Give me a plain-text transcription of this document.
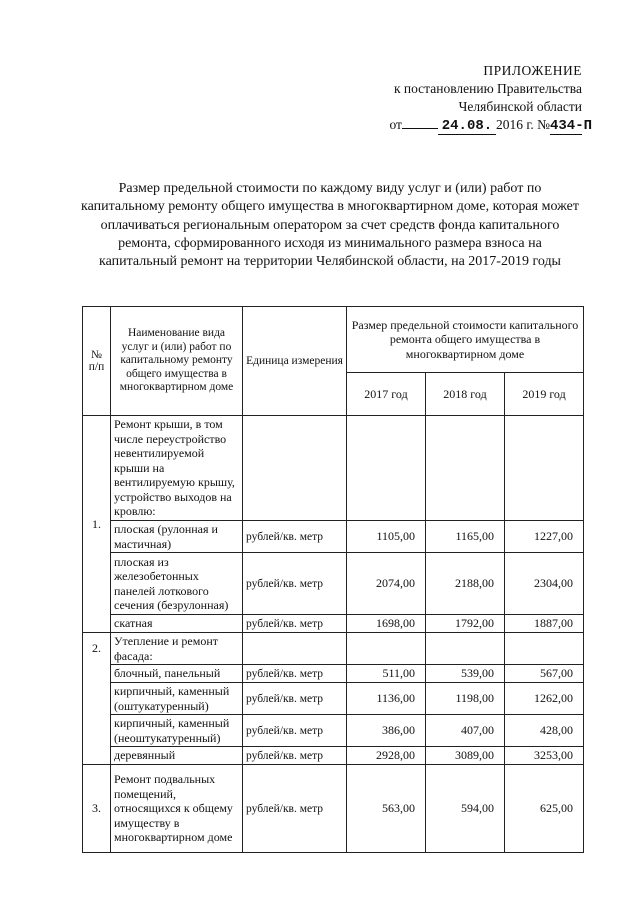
ПРИЛОЖЕНИЕ
к постановлению Правительства
Челябинской области
от	24.08. 2016 г. №434-П
Размер предельной стоимости по каждому виду услуг и (или) работ по капитальному ремонту общего имущества в многоквартирном доме, которая может оплачиваться региональным оператором за счет средств фонда капитального ремонта, сформированного исходя из минимального размера взноса на капитальный ремонт на территории Челябинской области, на 2017-2019 годы
№ п/п	Наименование вида услуг и (или) работ по капитальному ремонту общего имущества в многоквартирном доме	Единица измерения	Размер предельной стоимости капитального ремонта общего имущества в многоквартирном доме		
			2017 год	2018 год	2019 год
1.	Ремонт крыши, в том числе переустройство невентилируемой крыши на вентилируемую крышу, устройство выходов на кровлю:				
	плоская (рулонная и мастичная)	рублей/кв. метр	1105,00	1165,00	1227,00
	плоская из железобетонных панелей лоткового сечения (безрулонная)	рублей/кв. метр	2074,00	2188,00	2304,00
	скатная	рублей/кв. метр	1698,00	1792,00	1887,00
2.	Утепление и ремонт фасада:				
	блочный, панельный	рублей/кв. метр	511,00	539,00	567,00
	кирпичный, каменный (оштукатуренный)	рублей/кв. метр	1136,00	1198,00	1262,00
	кирпичный, каменный (неоштукатуренный)	рублей/кв. метр	386,00	407,00	428,00
	деревянный	рублей/кв. метр	2928,00	3089,00	3253,00
3.	Ремонт подвальных помещений, относящихся к общему имуществу в многоквартирном доме	рублей/кв. метр	563,00	594,00	625,00
